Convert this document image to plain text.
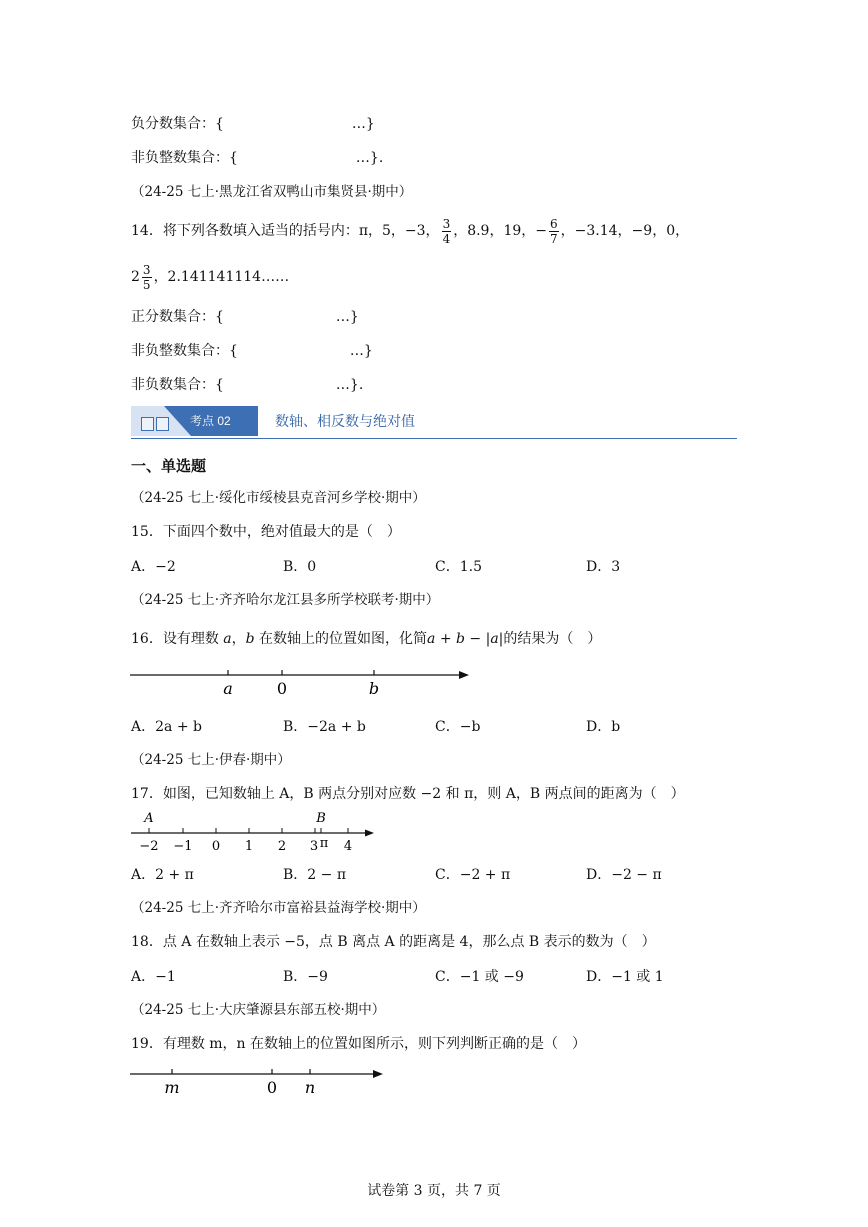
负分数集合：{	…}
非负整数集合：{	…}.
（24-25 七上·黑龙江省双鸭山市集贤县·期中）
14．将下列各数填入适当的括号内：π，5，−3， $\frac{3}{4}$ ，8.9，19，− $\frac{6}{7}$ ，−3.14，−9，0，
$2 \frac{3}{5}$ ，2.141141114……
正分数集合：{	…}
非负整数集合：{	…}
非负数集合：{	…}.
考点 02	数轴、相反数与绝对值
一、单选题
（24-25 七上·绥化市绥棱县克音河乡学校·期中）
15．下面四个数中，绝对值最大的是（　）
A．−2	B．0	C．1.5	D．3
（24-25 七上·齐齐哈尔龙江县多所学校联考·期中）
16．设有理数 a，b 在数轴上的位置如图，化简a + b − |a|的结果为（　）
a	0	b
A．2a + b	B．−2a + b	C．−b	D．b
（24-25 七上·伊春·期中）
17．如图，已知数轴上 A，B 两点分别对应数 −2 和 π，则 A，B 两点间的距离为（　）
A	B
−2 −1 0 1 2 3 π 4
A．2 + π	B．2 − π	C．−2 + π	D．−2 − π
（24-25 七上·齐齐哈尔市富裕县益海学校·期中）
18．点 A 在数轴上表示 −5，点 B 离点 A 的距离是 4，那么点 B 表示的数为（　）
A．−1	B．−9	C．−1 或 −9	D．−1 或 1
（24-25 七上·大庆肇源县东部五校·期中）
19．有理数 m，n 在数轴上的位置如图所示，则下列判断正确的是（　）
m	0 n
试卷第 3 页，共 7 页
